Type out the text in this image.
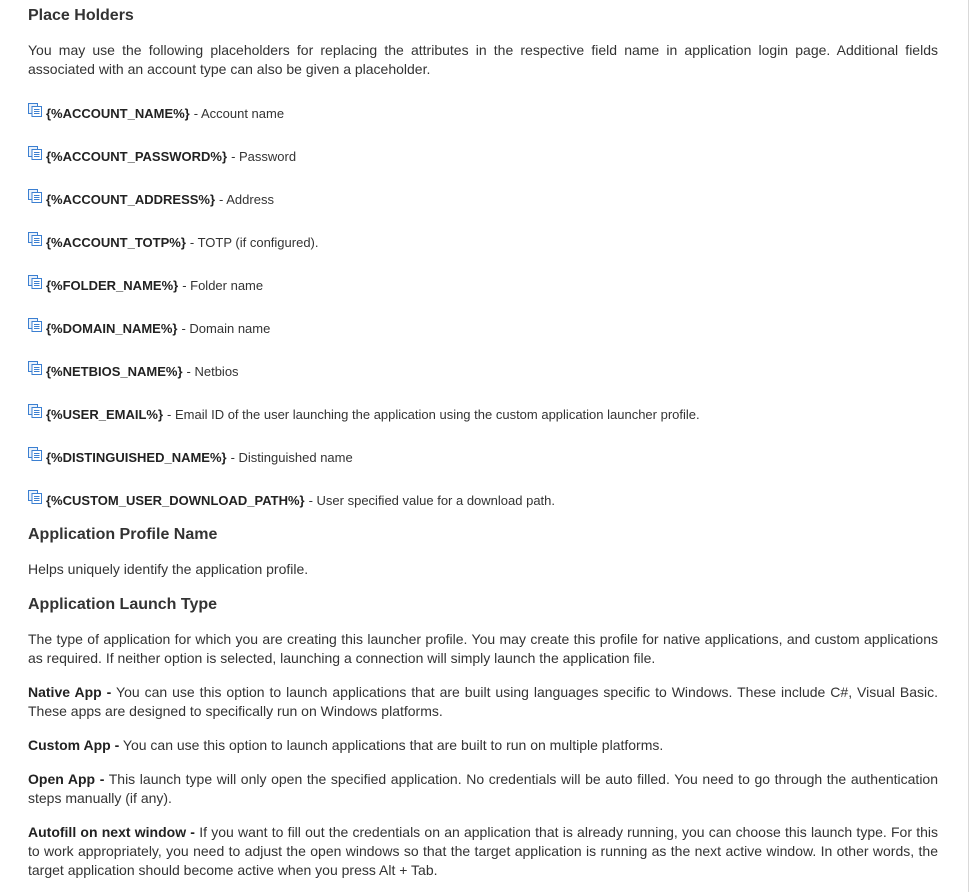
Place Holders

You may use the following placeholders for replacing the attributes in the respective field name in application login page. Additional fields associated with an account type can also be given a placeholder.

{%ACCOUNT_NAME%} - Account name
{%ACCOUNT_PASSWORD%} - Password
{%ACCOUNT_ADDRESS%} - Address
{%ACCOUNT_TOTP%} - TOTP (if configured).
{%FOLDER_NAME%} - Folder name
{%DOMAIN_NAME%} - Domain name
{%NETBIOS_NAME%} - Netbios
{%USER_EMAIL%} - Email ID of the user launching the application using the custom application launcher profile.
{%DISTINGUISHED_NAME%} - Distinguished name
{%CUSTOM_USER_DOWNLOAD_PATH%} - User specified value for a download path.
Application Profile Name

Helps uniquely identify the application profile.

Application Launch Type

The type of application for which you are creating this launcher profile. You may create this profile for native applications, and custom applications as required. If neither option is selected, launching a connection will simply launch the application file.

Native App - You can use this option to launch applications that are built using languages specific to Windows. These include C#, Visual Basic. These apps are designed to specifically run on Windows platforms.

Custom App - You can use this option to launch applications that are built to run on multiple platforms.

Open App - This launch type will only open the specified application. No credentials will be auto filled. You need to go through the authentication steps manually (if any).

Autofill on next window - If you want to fill out the credentials on an application that is already running, you can choose this launch type. For this to work appropriately, you need to adjust the open windows so that the target application is running as the next active window. In other words, the target application should become active when you press Alt + Tab.
